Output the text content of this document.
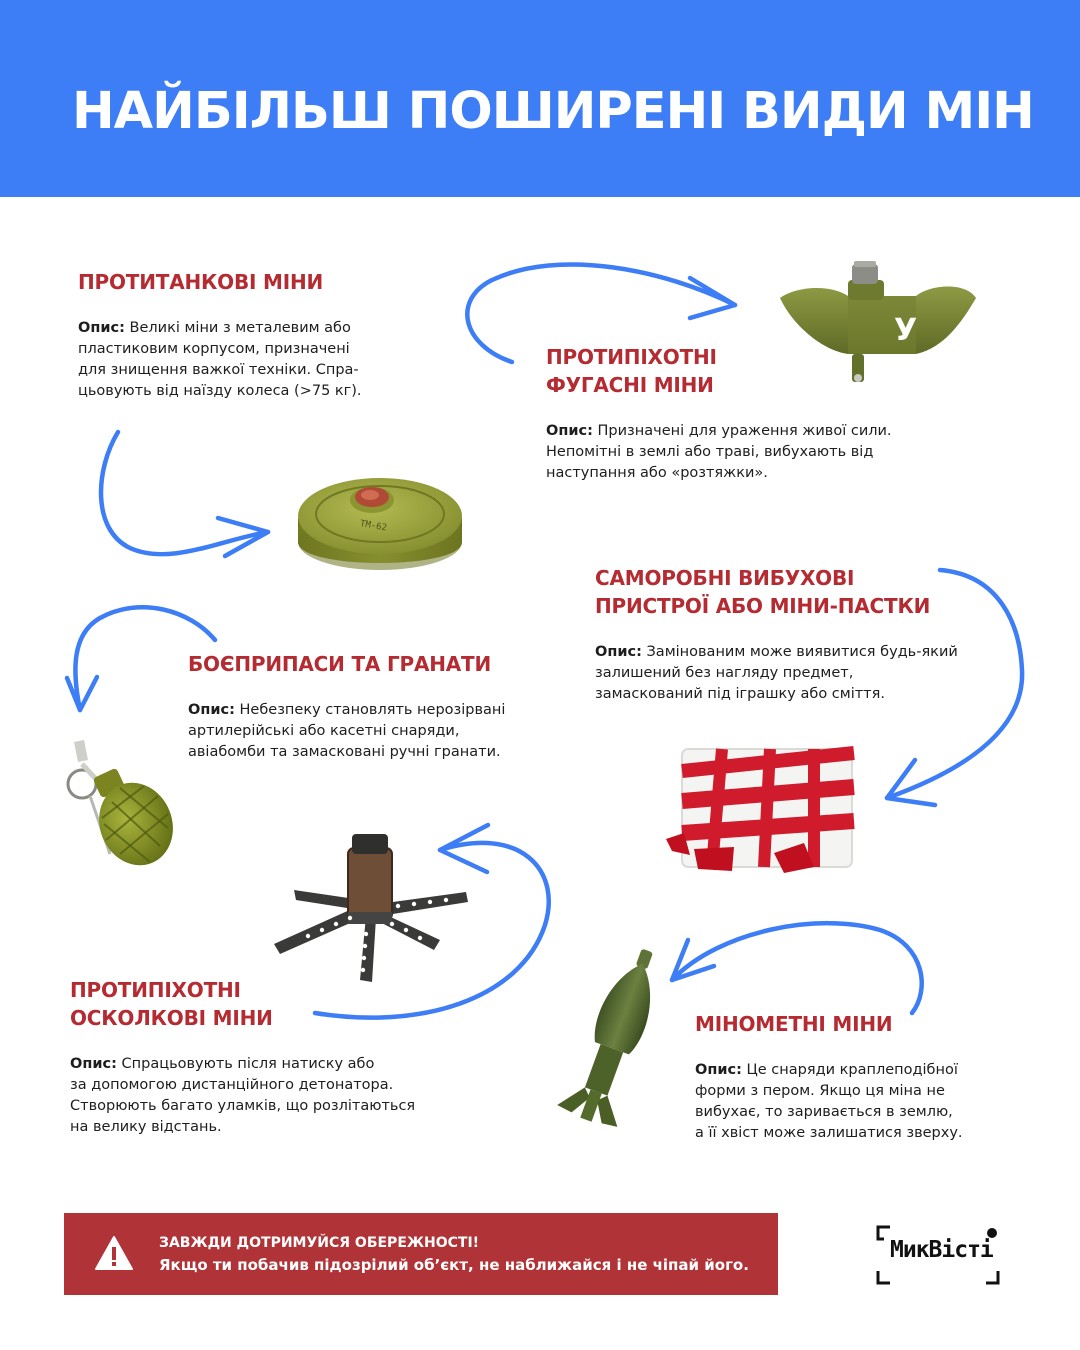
НАЙБІЛЬШ ПОШИРЕНІ ВИДИ МІН
ПРОТИТАНКОВІ МІНИ
Опис: Великі міни з металевим або
пластиковим корпусом, призначені
для знищення важкої техніки. Спра-
цьовують від наїзду колеса (>75 кг).
ПРОТИПІХОТНІ
ФУГАСНІ МІНИ
Опис: Призначені для ураження живої сили.
Непомітні в землі або траві, вибухають від
наступання або «розтяжки».
САМОРОБНІ ВИБУХОВІ
ПРИСТРОЇ АБО МІНИ-ПАСТКИ
Опис: Замінованим може виявитися будь-який
залишений без нагляду предмет,
замаскований під іграшку або сміття.
БОЄПРИПАСИ ТА ГРАНАТИ
Опис: Небезпеку становлять нерозірвані
артилерійські або касетні снаряди,
авіабомби та замасковані ручні гранати.
ПРОТИПІХОТНІ
ОСКОЛКОВІ МІНИ
Опис: Спрацьовують після натиску або
за допомогою дистанційного детонатора.
Створюють багато уламків, що розлітаються
на велику відстань.
МІНОМЕТНІ МІНИ
Опис: Це снаряди краплеподібної
форми з пером. Якщо ця міна не
вибухає, то заривається в землю,
а її хвіст може залишатися зверху.
TM-62
У
ЗАВЖДИ ДОТРИМУЙСЯ ОБЕРЕЖНОСТІ!
Якщо ти побачив підозрілий об’єкт, не наближайся і не чіпай його.
МикВісті
